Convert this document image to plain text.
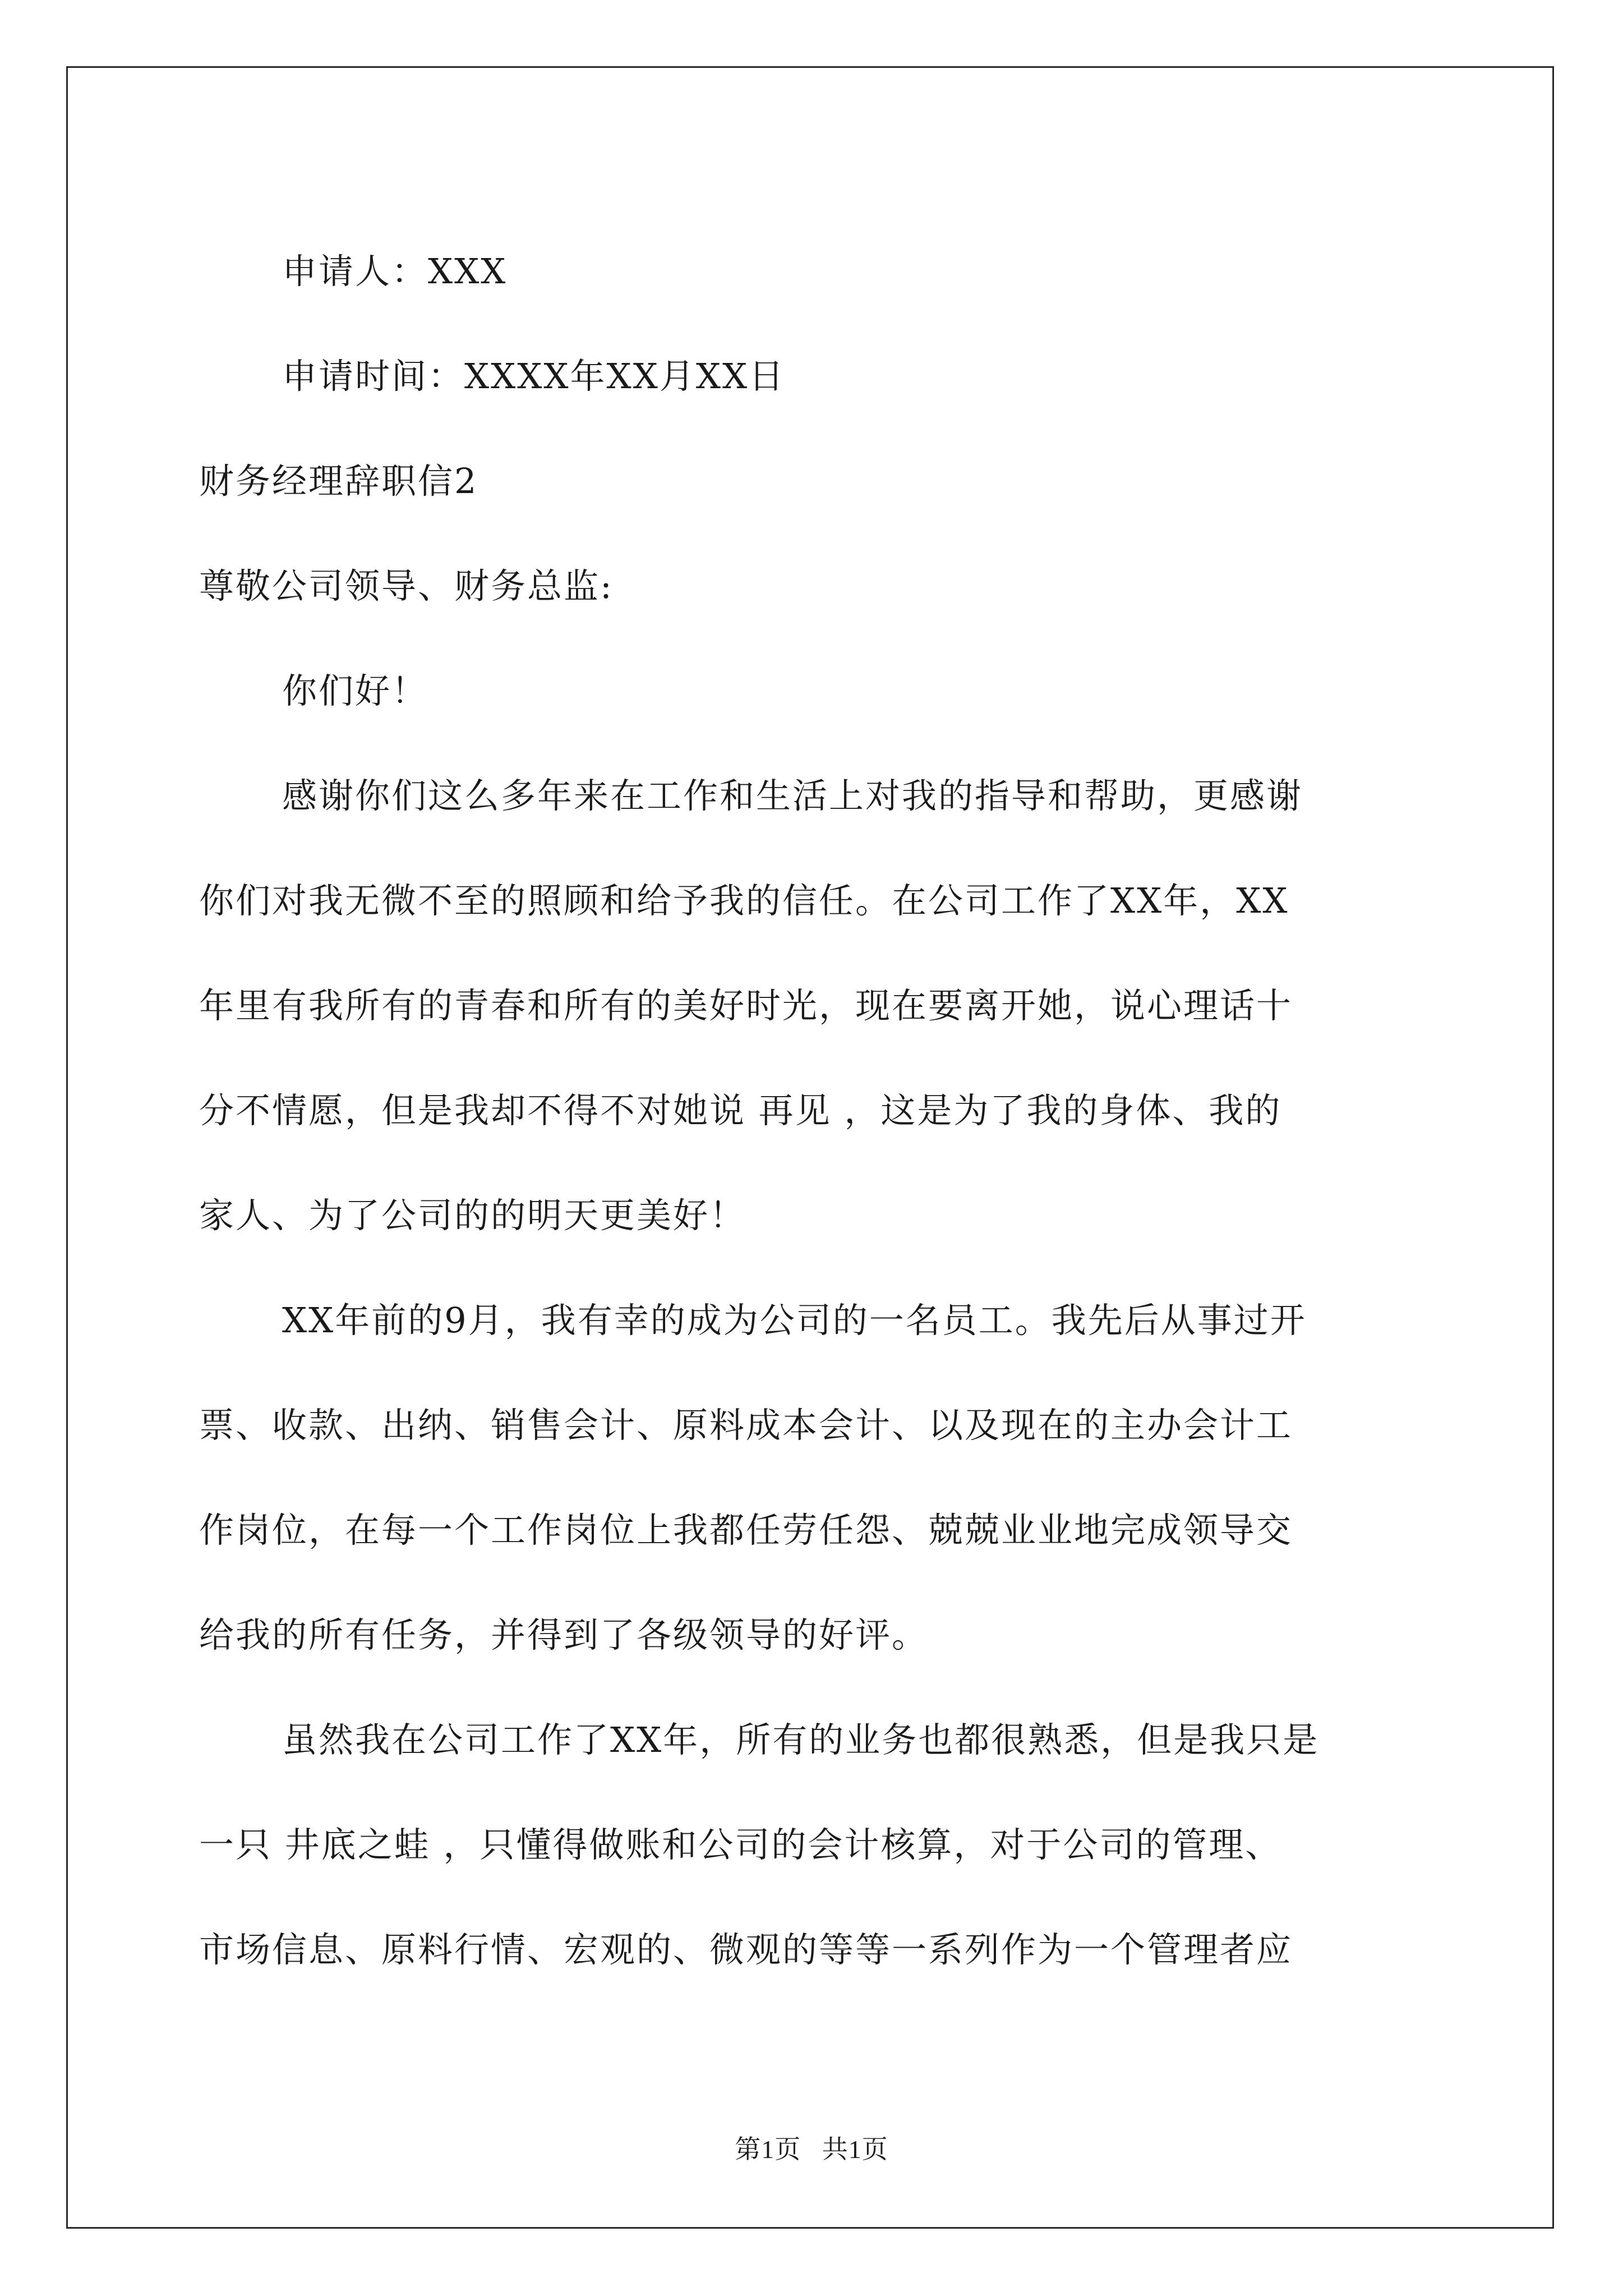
申请人：XXX
申请时间：XXXX年XX月XX日
财务经理辞职信2
尊敬公司领导、财务总监:
你们好！
感谢你们这么多年来在工作和生活上对我的指导和帮助，更感谢
你们对我无微不至的照顾和给予我的信任。在公司工作了XX年，XX
年里有我所有的青春和所有的美好时光，现在要离开她，说心理话十
分不情愿，但是我却不得不对她说 再见 ，这是为了我的身体、我的
家人、为了公司的的明天更美好！
XX年前的9月，我有幸的成为公司的一名员工。我先后从事过开
票、收款、出纳、销售会计、原料成本会计、以及现在的主办会计工
作岗位，在每一个工作岗位上我都任劳任怨、兢兢业业地完成领导交
给我的所有任务，并得到了各级领导的好评。
虽然我在公司工作了XX年，所有的业务也都很熟悉，但是我只是
一只 井底之蛙 ，只懂得做账和公司的会计核算，对于公司的管理、
市场信息、原料行情、宏观的、微观的等等一系列作为一个管理者应
第1页 共1页
